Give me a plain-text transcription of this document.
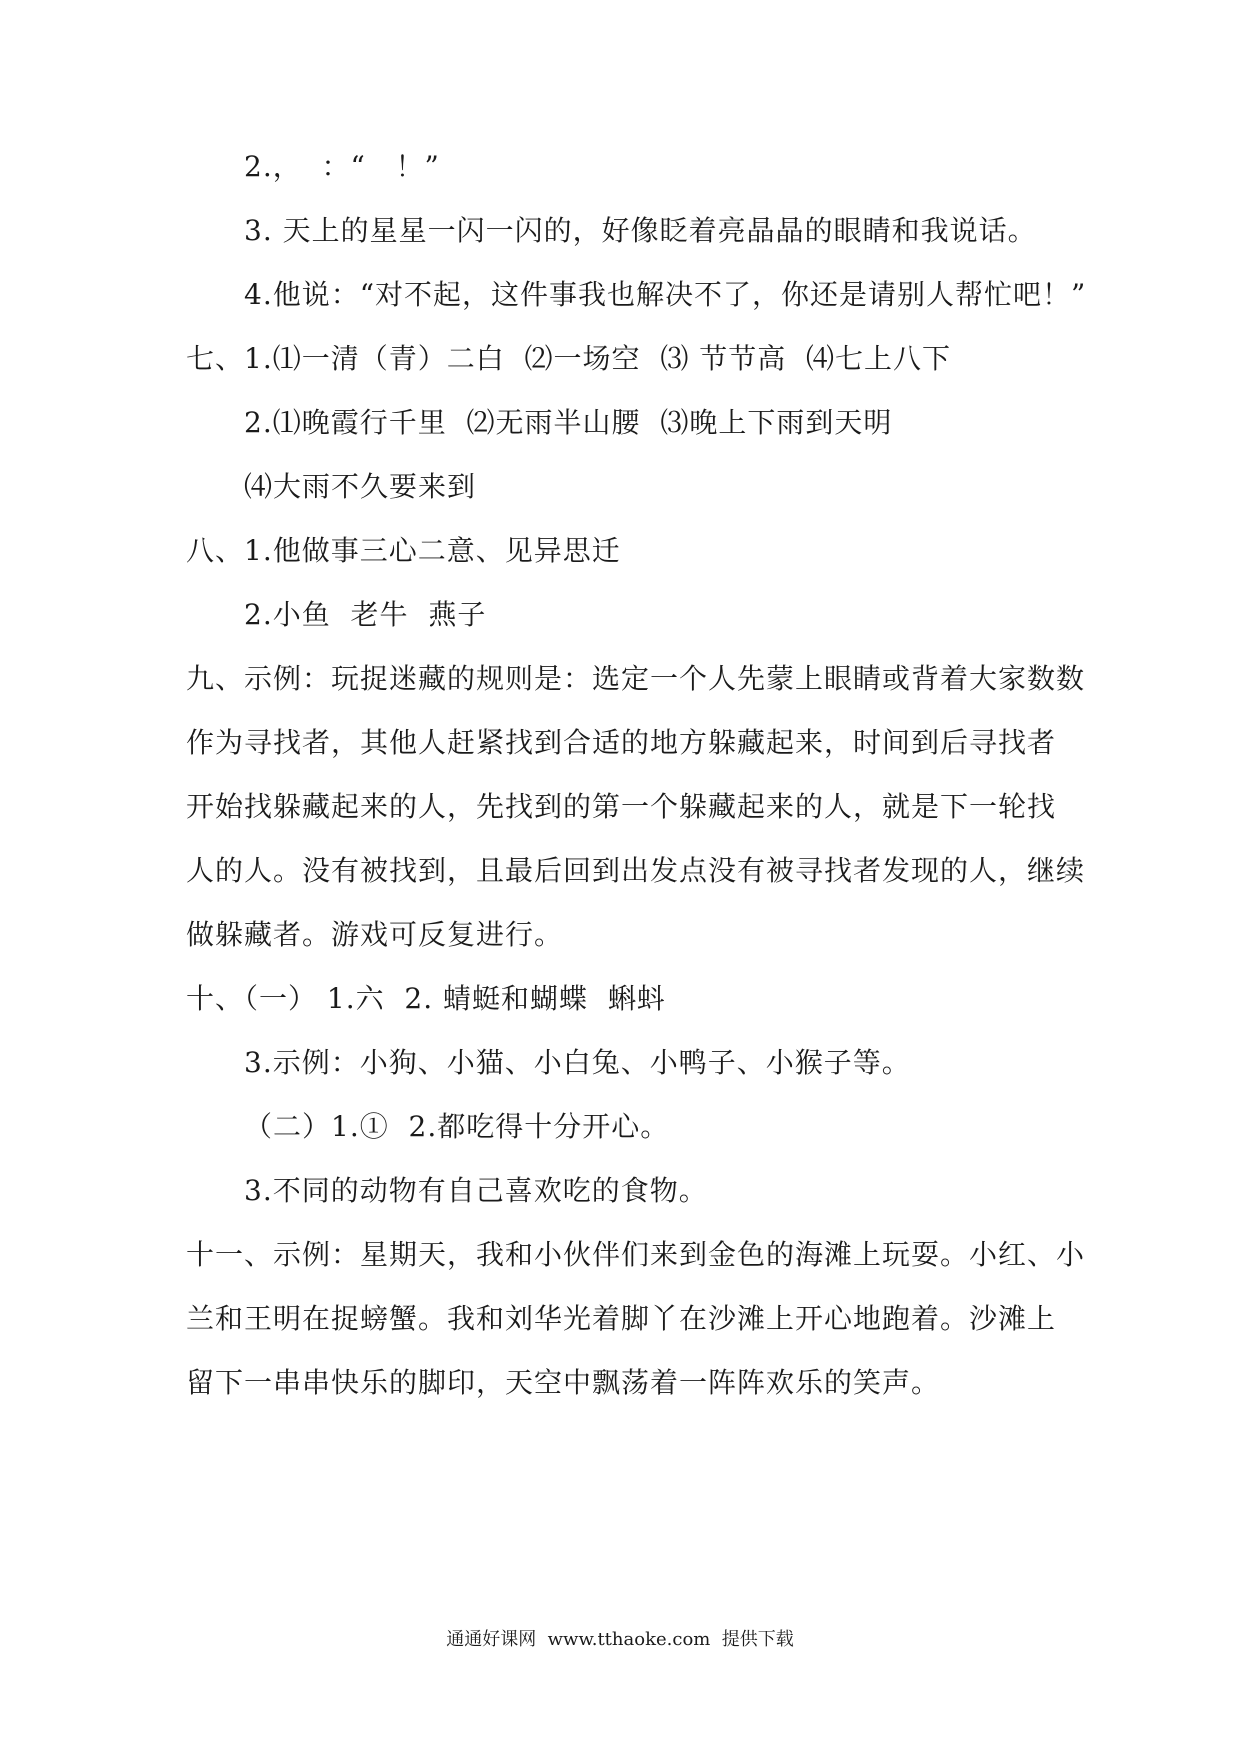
2.，  ：“   ！”
3. 天上的星星一闪一闪的，好像眨着亮晶晶的眼睛和我说话。
4.他说：“对不起，这件事我也解决不了，你还是请别人帮忙吧！”
七、1.⑴一清（青）二白  ⑵一场空  ⑶ 节节高  ⑷七上八下
2.⑴晚霞行千里  ⑵无雨半山腰  ⑶晚上下雨到天明
⑷大雨不久要来到
八、1.他做事三心二意、见异思迁
2.小鱼  老牛  燕子
九、示例：玩捉迷藏的规则是：选定一个人先蒙上眼睛或背着大家数数
作为寻找者，其他人赶紧找到合适的地方躲藏起来，时间到后寻找者
开始找躲藏起来的人，先找到的第一个躲藏起来的人，就是下一轮找
人的人。没有被找到，且最后回到出发点没有被寻找者发现的人，继续
做躲藏者。游戏可反复进行。
十、（一） 1.六  2. 蜻蜓和蝴蝶  蝌蚪
3.示例：小狗、小猫、小白兔、小鸭子、小猴子等。
（二）1.①  2.都吃得十分开心。
3.不同的动物有自己喜欢吃的食物。
十一、示例：星期天，我和小伙伴们来到金色的海滩上玩耍。小红、小
兰和王明在捉螃蟹。我和刘华光着脚丫在沙滩上开心地跑着。沙滩上
留下一串串快乐的脚印，天空中飘荡着一阵阵欢乐的笑声。
通通好课网  www.tthaoke.com  提供下载
